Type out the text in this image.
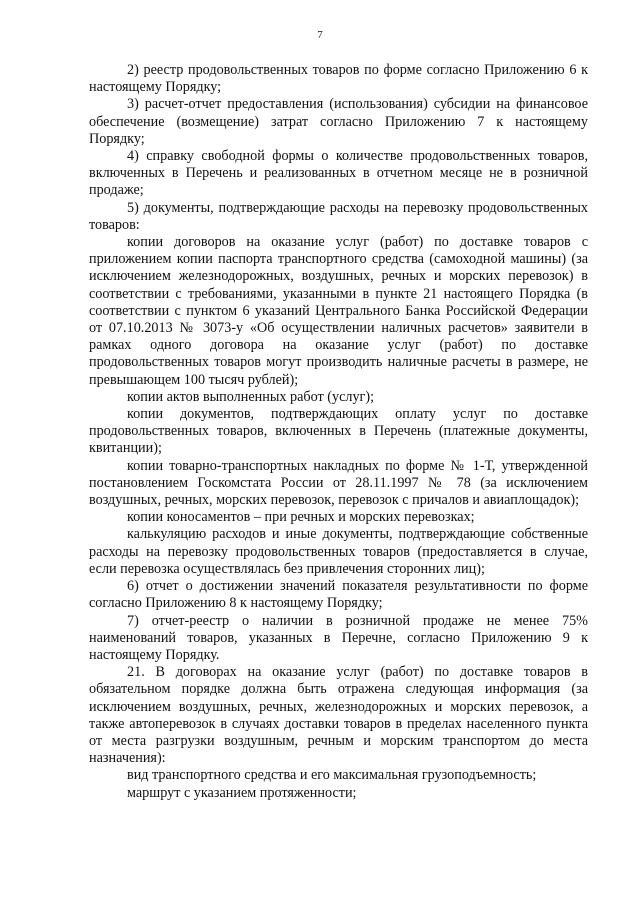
7

2) реестр продовольственных товаров по форме согласно Приложению 6 к настоящему Порядку;

3) расчет-отчет предоставления (использования) субсидии на финансовое обеспечение (возмещение) затрат согласно Приложению 7 к настоящему Порядку;

4) справку свободной формы о количестве продовольственных товаров, включенных в Перечень и реализованных в отчетном месяце не в розничной продаже;

5) документы, подтверждающие расходы на перевозку продовольственных товаров:

копии договоров на оказание услуг (работ) по доставке товаров с приложением копии паспорта транспортного средства (самоходной машины) (за исключением железнодорожных, воздушных, речных и морских перевозок) в соответствии с требованиями, указанными в пункте 21 настоящего Порядка (в соответствии с пунктом 6 указаний Центрального Банка Российской Федерации от 07.10.2013 № 3073-у «Об осуществлении наличных расчетов» заявители в рамках одного договора на оказание услуг (работ) по доставке продовольственных товаров могут производить наличные расчеты в размере, не превышающем 100 тысяч рублей);

копии актов выполненных работ (услуг);

копии документов, подтверждающих оплату услуг по доставке продовольственных товаров, включенных в Перечень (платежные документы, квитанции);

копии товарно-транспортных накладных по форме № 1-Т, утвержденной постановлением Госкомстата России от 28.11.1997 № 78 (за исключением воздушных, речных, морских перевозок, перевозок с причалов и авиаплощадок);

копии коносаментов – при речных и морских перевозках;

калькуляцию расходов и иные документы, подтверждающие собственные расходы на перевозку продовольственных товаров (предоставляется в случае, если перевозка осуществлялась без привлечения сторонних лиц);

6) отчет о достижении значений показателя результативности по форме согласно Приложению 8 к настоящему Порядку;

7) отчет-реестр о наличии в розничной продаже не менее 75% наименований товаров, указанных в Перечне, согласно Приложению 9 к настоящему Порядку.

21. В договорах на оказание услуг (работ) по доставке товаров в обязательном порядке должна быть отражена следующая информация (за исключением воздушных, речных, железнодорожных и морских перевозок, а также автоперевозок в случаях доставки товаров в пределах населенного пункта от места разгрузки воздушным, речным и морским транспортом до места назначения):

вид транспортного средства и его максимальная грузоподъемность;

маршрут с указанием протяженности;
